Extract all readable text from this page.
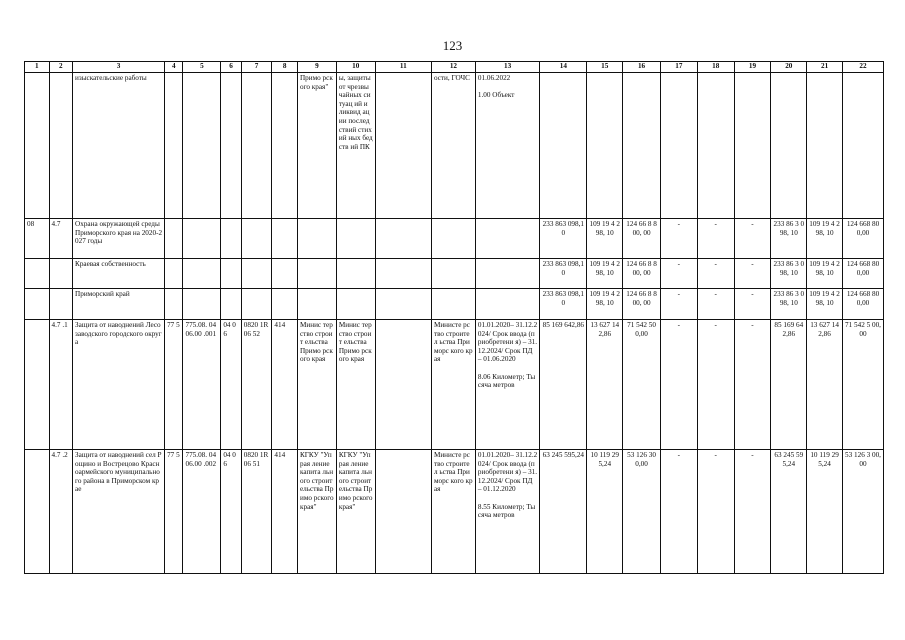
123
1	2	3	4	5	6	7	8	9	10	11	12	13	14	15	16	17	18	19	20	21	22
		изыскательские работы						Примо рского края"	ы, защиты от чрезвы чайных ситуац ий и ликвид ации послед ствий стихий ных бедств ий ПК		ости, ГОЧС	01.06.2022

1.00 Объект									
08	4.7	Охрана окружающей среды Приморского края на 2020-2027 годы											233 863 098,10	109 19 4 298, 10	124 66 8 800, 00	-	-	-	233 86 3 098, 10	109 19 4 298, 10	124 668 800,00
		Краевая собственность											233 863 098,10	109 19 4 298, 10	124 66 8 800, 00	-	-	-	233 86 3 098, 10	109 19 4 298, 10	124 668 800,00
		Приморский край											233 863 098,10	109 19 4 298, 10	124 66 8 800, 00	-	-	-	233 86 3 098, 10	109 19 4 298, 10	124 668 800,00
	4.7 .1	Защита от наводнений Лесозаводского городского округа	77 5	775.08. 0406.00 .001	04 06	0820 1R06 52	414	Минис терство строит ельства Примо рского края	Минис терство строит ельства Примо рского края		Министе рство строител ьства Приморс кого края	01.01.2020– 31.12.2024/ Срок ввода (приобретени я) – 31.12.2024/ Срок ПД – 01.06.2020

8.06 Километр; Тысяча метров	85 169 642,86	13 627 142,86	71 542 500,00	-	-	-	85 169 642,86	13 627 142,86	71 542 5 00,00
	4.7 .2	Защита от наводнений сел Рощино и Вострецово Красноармейского муниципального района в Приморском крае	77 5	775.08. 0406.00 .002	04 06	0820 1R06 51	414	КГКУ "Упрая ление капита льного строит ельства Примо рского края"	КГКУ "Упрая ление капита льного строит ельства Примо рского края"		Министе рство строител ьства Приморс кого края	01.01.2020– 31.12.2024/ Срок ввода (приобретени я) – 31.12.2024/ Срок ПД – 01.12.2020

8.55 Километр; Тысяча метров	63 245 595,24	10 119 295,24	53 126 300,00	-	-	-	63 245 595,24	10 119 295,24	53 126 3 00,00
